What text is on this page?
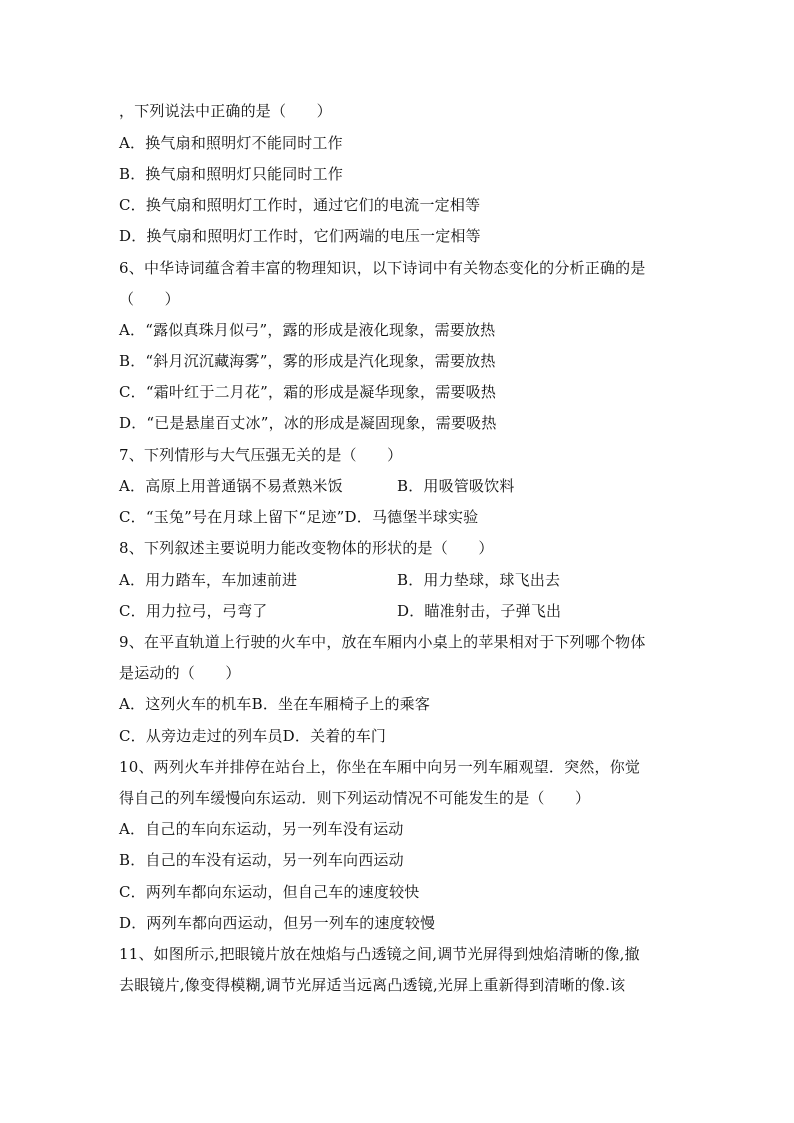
，下列说法中正确的是（　　）
A．换气扇和照明灯不能同时工作
B．换气扇和照明灯只能同时工作
C．换气扇和照明灯工作时，通过它们的电流一定相等
D．换气扇和照明灯工作时，它们两端的电压一定相等
6、中华诗词蕴含着丰富的物理知识，以下诗词中有关物态变化的分析正确的是
（　　）
A．“露似真珠月似弓”，露的形成是液化现象，需要放热
B．“斜月沉沉藏海雾”，雾的形成是汽化现象，需要放热
C．“霜叶红于二月花”，霜的形成是凝华现象，需要吸热
D．“已是悬崖百丈冰”，冰的形成是凝固现象，需要吸热
7、下列情形与大气压强无关的是（　　）
A．高原上用普通锅不易煮熟米饭	B．用吸管吸饮料
C．“玉兔”号在月球上留下“足迹”D．马德堡半球实验
8、下列叙述主要说明力能改变物体的形状的是（　　）
A．用力踏车，车加速前进	B．用力垫球，球飞出去
C．用力拉弓，弓弯了	D．瞄准射击，子弹飞出
9、在平直轨道上行驶的火车中，放在车厢内小桌上的苹果相对于下列哪个物体
是运动的（　　）
A．这列火车的机车B．坐在车厢椅子上的乘客
C．从旁边走过的列车员D．关着的车门
10、两列火车并排停在站台上，你坐在车厢中向另一列车厢观望．突然，你觉
得自己的列车缓慢向东运动．则下列运动情况不可能发生的是（　　）
A．自己的车向东运动，另一列车没有运动
B．自己的车没有运动，另一列车向西运动
C．两列车都向东运动，但自己车的速度较快
D．两列车都向西运动，但另一列车的速度较慢
11、如图所示,把眼镜片放在烛焰与凸透镜之间,调节光屏得到烛焰清晰的像,撤
去眼镜片,像变得模糊,调节光屏适当远离凸透镜,光屏上重新得到清晰的像.该
